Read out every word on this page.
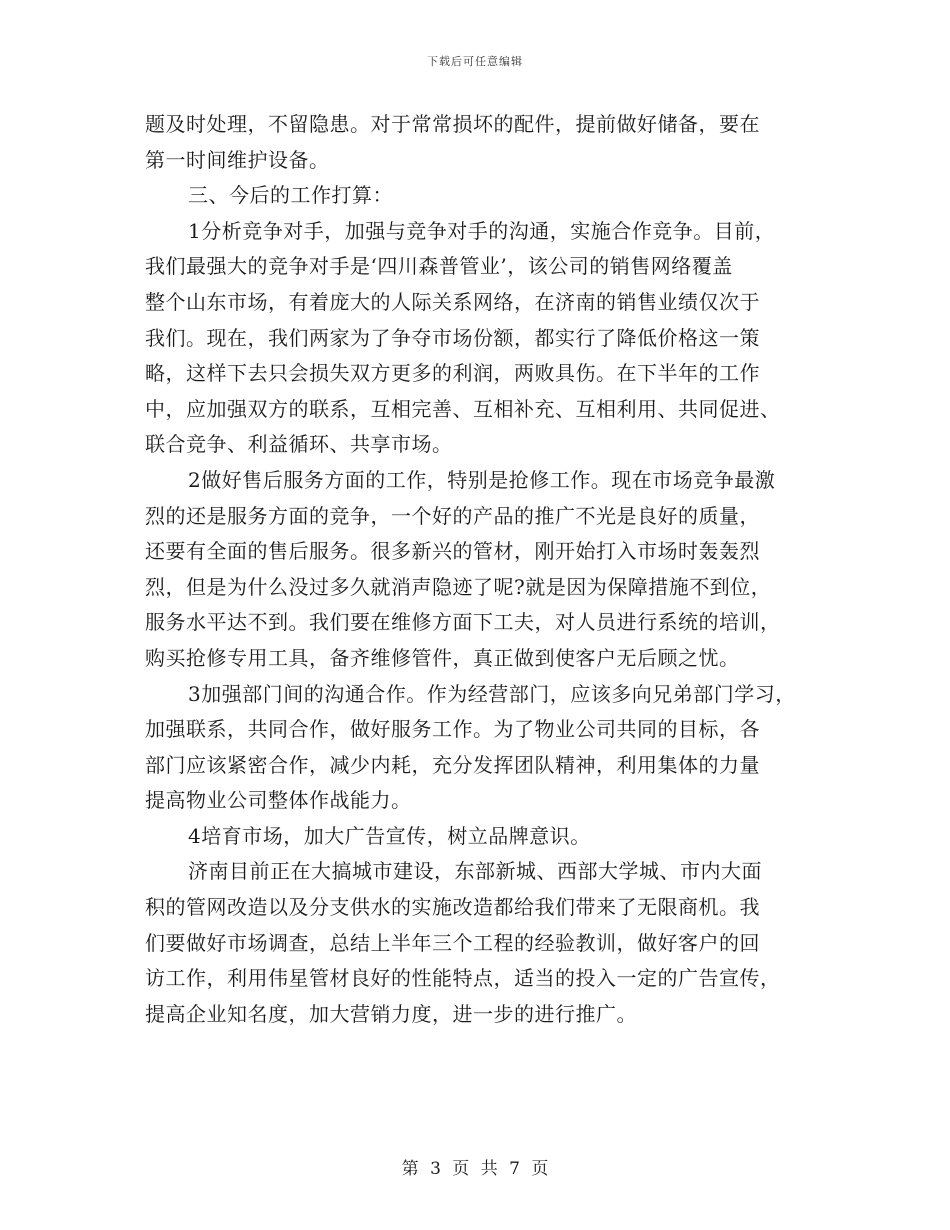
下载后可任意编辑
题及时处理，不留隐患。对于常常损坏的配件，提前做好储备，要在
第一时间维护设备。
三、今后的工作打算：
1分析竞争对手，加强与竞争对手的沟通，实施合作竞争。目前，
我们最强大的竞争对手是‘四川森普管业’，该公司的销售网络覆盖
整个山东市场，有着庞大的人际关系网络，在济南的销售业绩仅次于
我们。现在，我们两家为了争夺市场份额，都实行了降低价格这一策
略，这样下去只会损失双方更多的利润，两败具伤。在下半年的工作
中，应加强双方的联系，互相完善、互相补充、互相利用、共同促进、
联合竞争、利益循环、共享市场。
2做好售后服务方面的工作，特别是抢修工作。现在市场竞争最激
烈的还是服务方面的竞争，一个好的产品的推广不光是良好的质量，
还要有全面的售后服务。很多新兴的管材，刚开始打入市场时轰轰烈
烈，但是为什么没过多久就消声隐迹了呢?就是因为保障措施不到位，
服务水平达不到。我们要在维修方面下工夫，对人员进行系统的培训，
购买抢修专用工具，备齐维修管件，真正做到使客户无后顾之忧。
3加强部门间的沟通合作。作为经营部门，应该多向兄弟部门学习，
加强联系，共同合作，做好服务工作。为了物业公司共同的目标，各
部门应该紧密合作，减少内耗，充分发挥团队精神，利用集体的力量
提高物业公司整体作战能力。
4培育市场，加大广告宣传，树立品牌意识。
济南目前正在大搞城市建设，东部新城、西部大学城、市内大面
积的管网改造以及分支供水的实施改造都给我们带来了无限商机。我
们要做好市场调查，总结上半年三个工程的经验教训，做好客户的回
访工作，利用伟星管材良好的性能特点，适当的投入一定的广告宣传，
提高企业知名度，加大营销力度，进一步的进行推广。
第 3 页 共 7 页
